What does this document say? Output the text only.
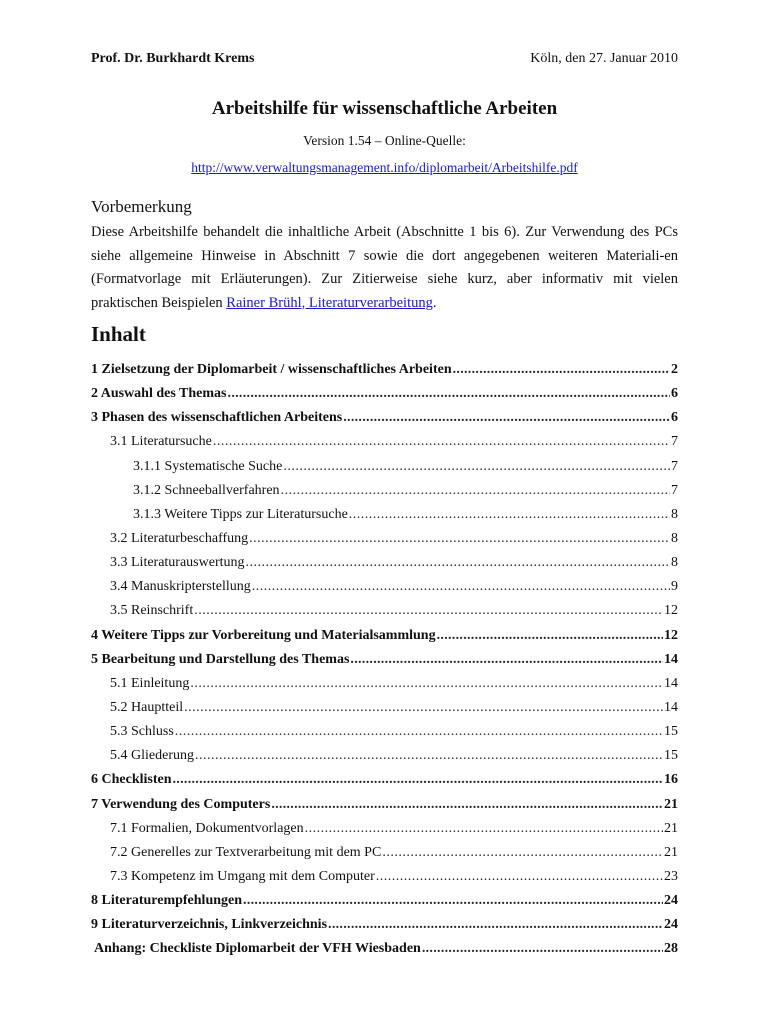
Prof. Dr. Burkhardt Krems	Köln, den 27. Januar 2010
Arbeitshilfe für wissenschaftliche Arbeiten
Version 1.54 – Online-Quelle:
http://www.verwaltungsmanagement.info/diplomarbeit/Arbeitshilfe.pdf
Vorbemerkung

Diese Arbeitshilfe behandelt die inhaltliche Arbeit (Abschnitte 1 bis 6). Zur Verwendung des PCs siehe allgemeine Hinweise in Abschnitt 7 sowie die dort angegebenen weiteren Materiali-en (Formatvorlage mit Erläuterungen). Zur Zitierweise siehe kurz, aber informativ mit vielen praktischen Beispielen Rainer Brühl, Literaturverarbeitung.

Inhalt
1 Zielsetzung der Diplomarbeit / wissenschaftliches Arbeiten .....	2
2 Auswahl des Themas .....	6
3 Phasen des wissenschaftlichen Arbeitens .....	6
3.1 Literatursuche .....	7
3.1.1 Systematische Suche .....	7
3.1.2 Schneeballverfahren .....	7
3.1.3 Weitere Tipps zur Literatursuche .....	8
3.2 Literaturbeschaffung .....	8
3.3 Literaturauswertung .....	8
3.4 Manuskripterstellung .....	9
3.5 Reinschrift .....	12
4 Weitere Tipps zur Vorbereitung und Materialsammlung .....	12
5 Bearbeitung und Darstellung des Themas .....	14
5.1 Einleitung .....	14
5.2 Hauptteil .....	14
5.3 Schluss .....	15
5.4 Gliederung .....	15
6 Checklisten .....	16
7 Verwendung des Computers .....	21
7.1 Formalien, Dokumentvorlagen .....	21
7.2 Generelles zur Textverarbeitung mit dem PC .....	21
7.3 Kompetenz im Umgang mit dem Computer .....	23
8 Literaturempfehlungen .....	24
9 Literaturverzeichnis, Linkverzeichnis .....	24
Anhang: Checkliste Diplomarbeit der VFH Wiesbaden .....	28
